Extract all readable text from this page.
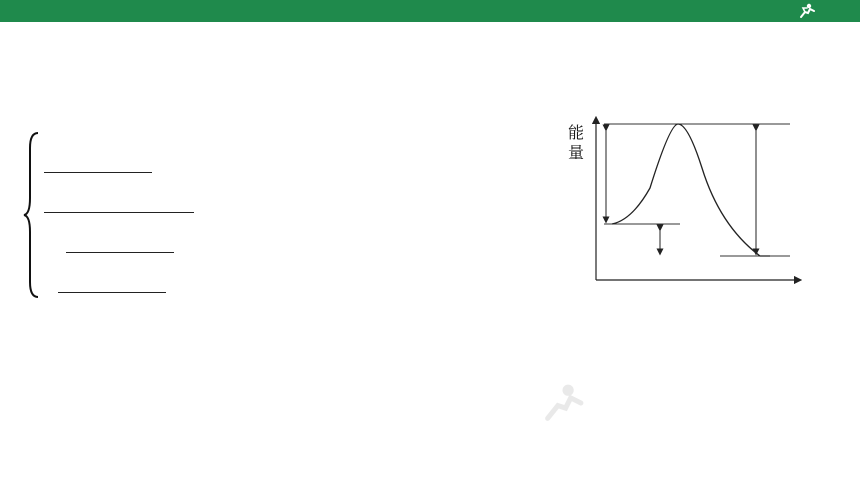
能
量
